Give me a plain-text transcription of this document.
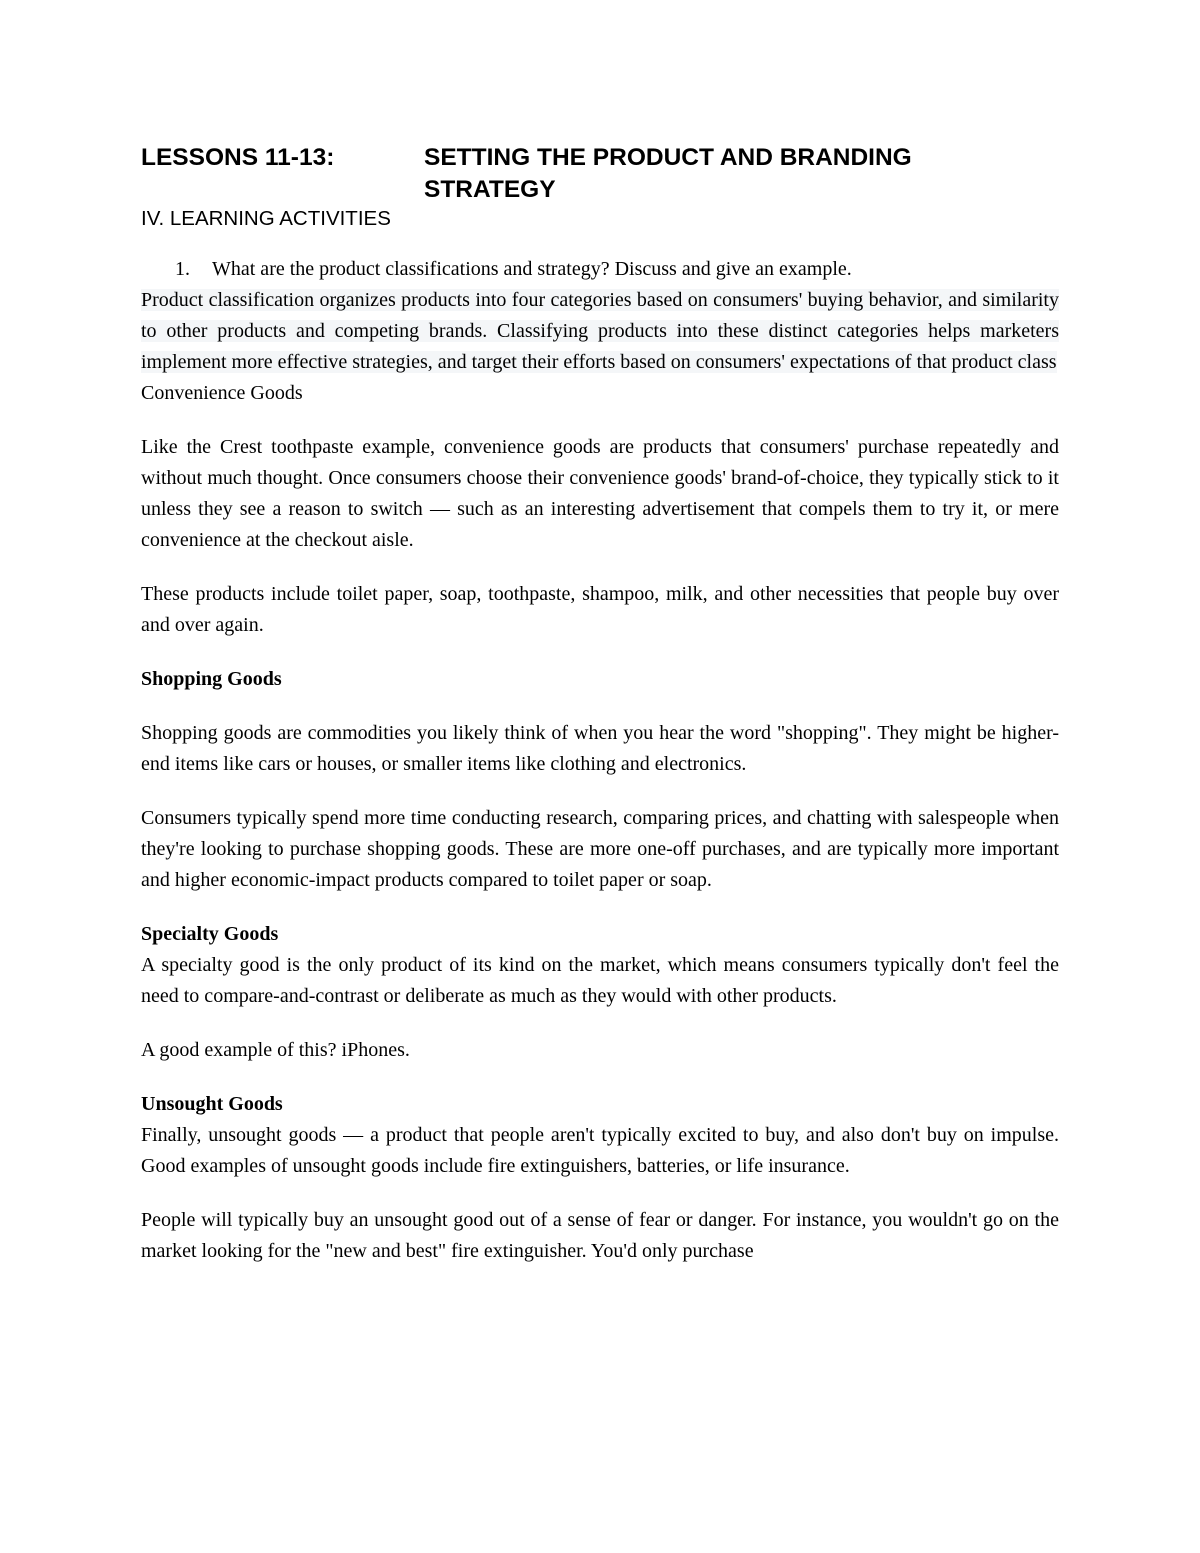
LESSONS 11-13:	SETTING THE PRODUCT AND BRANDING STRATEGY
IV. LEARNING ACTIVITIES
1.	What are the product classifications and strategy? Discuss and give an example.

Product classification organizes products into four categories based on consumers' buying behavior, and similarity to other products and competing brands. Classifying products into these distinct categories helps marketers implement more effective strategies, and target their efforts based on consumers' expectations of that product class

Convenience Goods

Like the Crest toothpaste example, convenience goods are products that consumers' purchase repeatedly and without much thought. Once consumers choose their convenience goods' brand-of-choice, they typically stick to it unless they see a reason to switch — such as an interesting advertisement that compels them to try it, or mere convenience at the checkout aisle.

These products include toilet paper, soap, toothpaste, shampoo, milk, and other necessities that people buy over and over again.

Shopping Goods

Shopping goods are commodities you likely think of when you hear the word "shopping". They might be higher-end items like cars or houses, or smaller items like clothing and electronics.

Consumers typically spend more time conducting research, comparing prices, and chatting with salespeople when they're looking to purchase shopping goods. These are more one-off purchases, and are typically more important and higher economic-impact products compared to toilet paper or soap.

Specialty Goods

A specialty good is the only product of its kind on the market, which means consumers typically don't feel the need to compare-and-contrast or deliberate as much as they would with other products.

A good example of this? iPhones.

Unsought Goods

Finally, unsought goods — a product that people aren't typically excited to buy, and also don't buy on impulse. Good examples of unsought goods include fire extinguishers, batteries, or life insurance.

People will typically buy an unsought good out of a sense of fear or danger. For instance, you wouldn't go on the market looking for the "new and best" fire extinguisher. You'd only purchase
